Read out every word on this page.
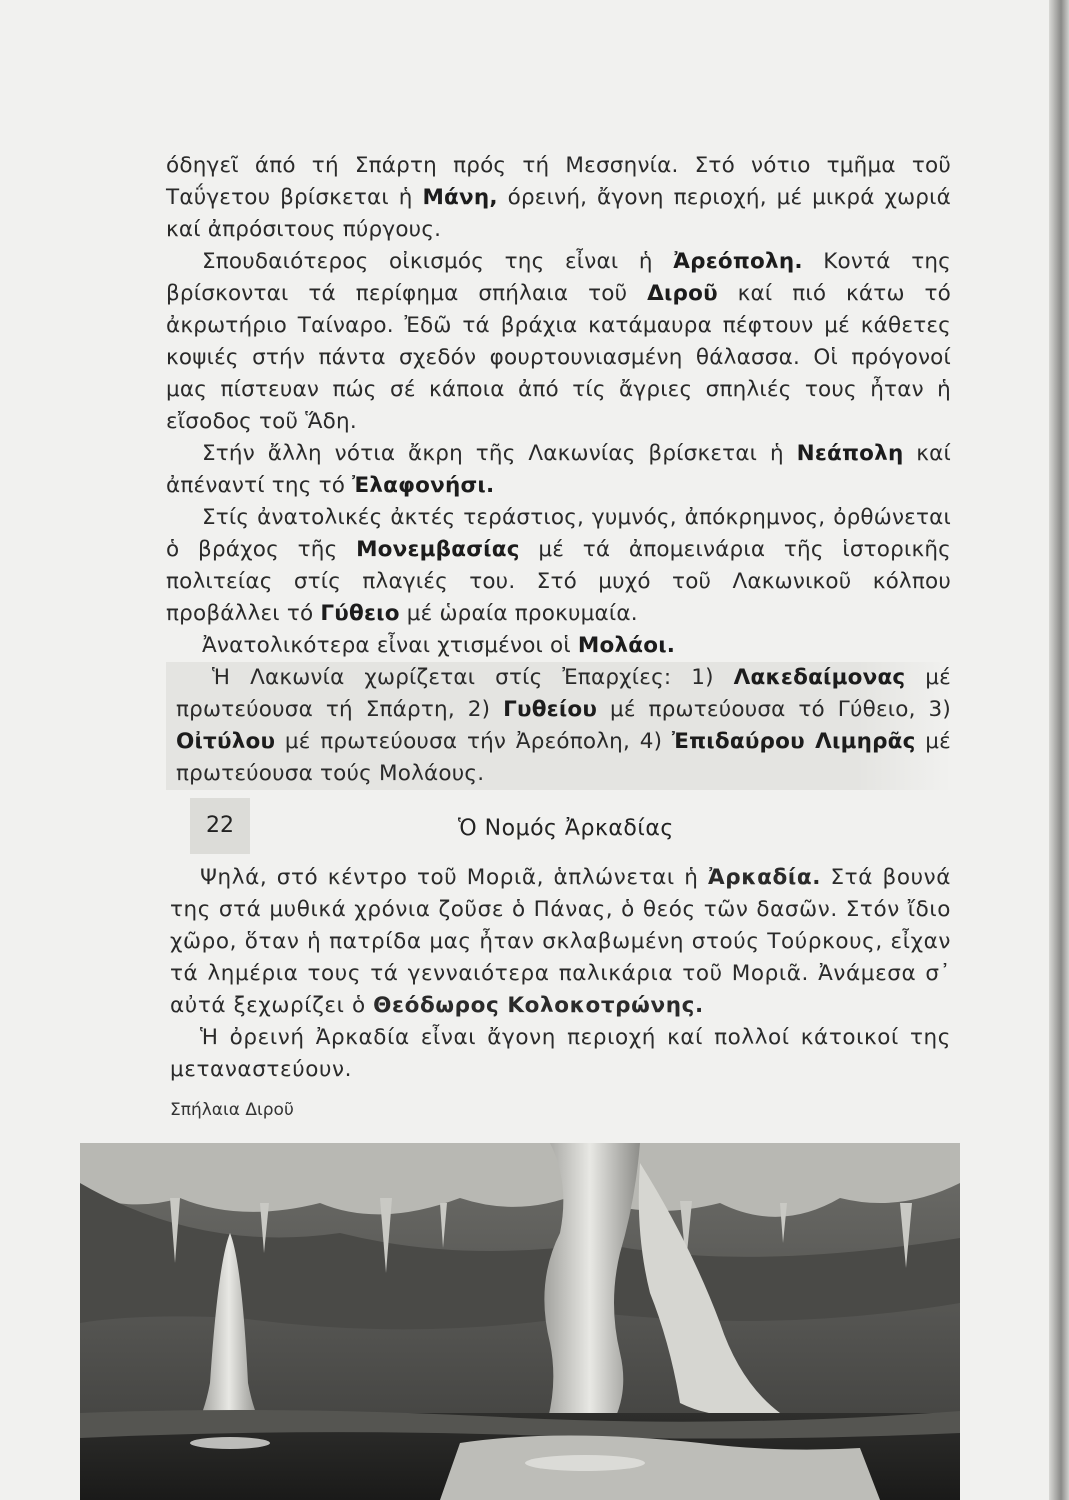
όδηγεῖ άπό τή Σπάρτη πρός τή Μεσσηνία. Στό νότιο τμῆμα τοῦ Ταΰγετου βρίσκεται ἡ Μάνη, όρεινή, ἄγονη περιοχή, μέ μικρά χωριά καί ἀπρόσιτους πύργους.

Σπουδαιότερος οἰκισμός της εἶναι ἡ Ἀρεόπολη. Κοντά της βρίσκονται τά περίφημα σπήλαια τοῦ Διροῦ καί πιό κάτω τό ἀκρωτήριο Ταίναρο. Ἐδῶ τά βράχια κατάμαυρα πέφτουν μέ κάθετες κοψιές στήν πάντα σχεδόν φουρτουνιασμένη θάλασσα. Οἱ πρόγονοί μας πίστευαν πώς σέ κάποια ἀπό τίς ἄγριες σπηλιές τους ἦταν ἡ εἴσοδος τοῦ Ἅδη.

Στήν ἄλλη νότια ἄκρη τῆς Λακωνίας βρίσκεται ἡ Νεάπολη καί ἀπέναντί της τό Ἐλαφονήσι.

Στίς ἀνατολικές ἀκτές τεράστιος, γυμνός, ἀπόκρημνος, ὀρθώνεται ὁ βράχος τῆς Μονεμβασίας μέ τά ἀπομεινάρια τῆς ἱστορικῆς πολιτείας στίς πλαγιές του. Στό μυχό τοῦ Λακωνικοῦ κόλπου προβάλλει τό Γύθειο μέ ὡραία προκυμαία.

Ἀνατολικότερα εἶναι χτισμένοι οἱ Μολάοι.

Ἡ Λακωνία χωρίζεται στίς Ἐπαρχίες: 1) Λακεδαίμονας μέ πρωτεύουσα τή Σπάρτη, 2) Γυθείου μέ πρωτεύουσα τό Γύθειο, 3) Οἰτύλου μέ πρωτεύουσα τήν Ἀρεόπολη, 4) Ἐπιδαύρου Λιμηρᾶς μέ πρωτεύουσα τούς Μολάους.

22	Ὁ Νομός Ἀρκαδίας

Ψηλά, στό κέντρο τοῦ Μοριᾶ, ἁπλώνεται ἡ Ἀρκαδία. Στά βουνά της στά μυθικά χρόνια ζοῦσε ὁ Πάνας, ὁ θεός τῶν δασῶν. Στόν ἴδιο χῶρο, ὅταν ἡ πατρίδα μας ἦταν σκλαβωμένη στούς Τούρκους, εἶχαν τά λημέρια τους τά γενναιότερα παλικάρια τοῦ Μοριᾶ. Ἀνάμεσα σ᾽ αὐτά ξεχωρίζει ὁ Θεόδωρος Κολοκοτρώνης.

Ἡ ὀρεινή Ἀρκαδία εἶναι ἄγονη περιοχή καί πολλοί κάτοικοί της μεταναστεύουν.

Σπήλαια Διροῦ
